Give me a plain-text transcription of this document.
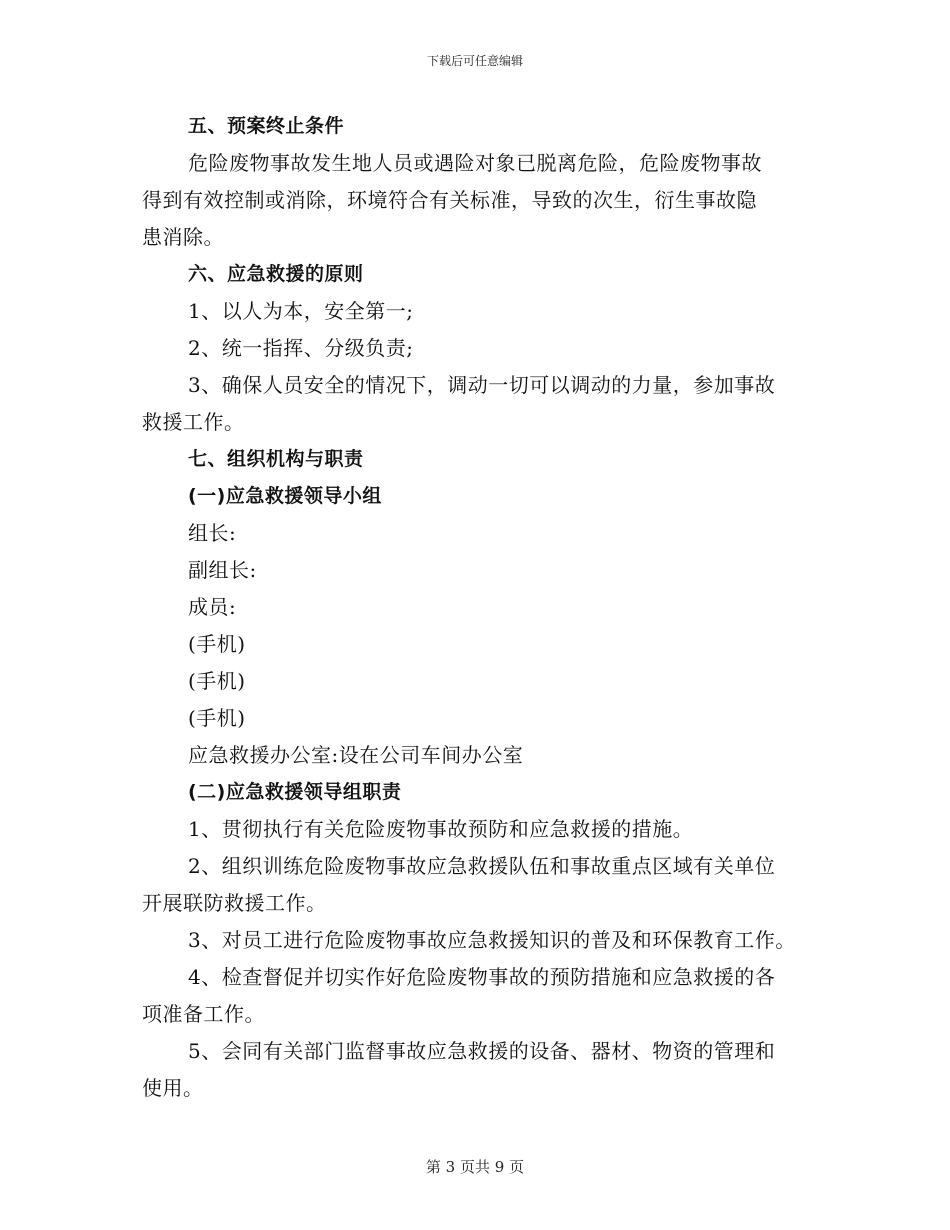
下载后可任意编辑
五、预案终止条件
危险废物事故发生地人员或遇险对象已脱离危险，危险废物事故
得到有效控制或消除，环境符合有关标准，导致的次生，衍生事故隐
患消除。
六、应急救援的原则
1、以人为本，安全第一;
2、统一指挥、分级负责;
3、确保人员安全的情况下，调动一切可以调动的力量，参加事故
救援工作。
七、组织机构与职责
(一)应急救援领导小组
组长:
副组长:
成员:
(手机)
(手机)
(手机)
应急救援办公室:设在公司车间办公室
(二)应急救援领导组职责
1、贯彻执行有关危险废物事故预防和应急救援的措施。
2、组织训练危险废物事故应急救援队伍和事故重点区域有关单位
开展联防救援工作。
3、对员工进行危险废物事故应急救援知识的普及和环保教育工作。
4、检查督促并切实作好危险废物事故的预防措施和应急救援的各
项准备工作。
5、会同有关部门监督事故应急救援的设备、器材、物资的管理和
使用。
第 3 页共 9 页
